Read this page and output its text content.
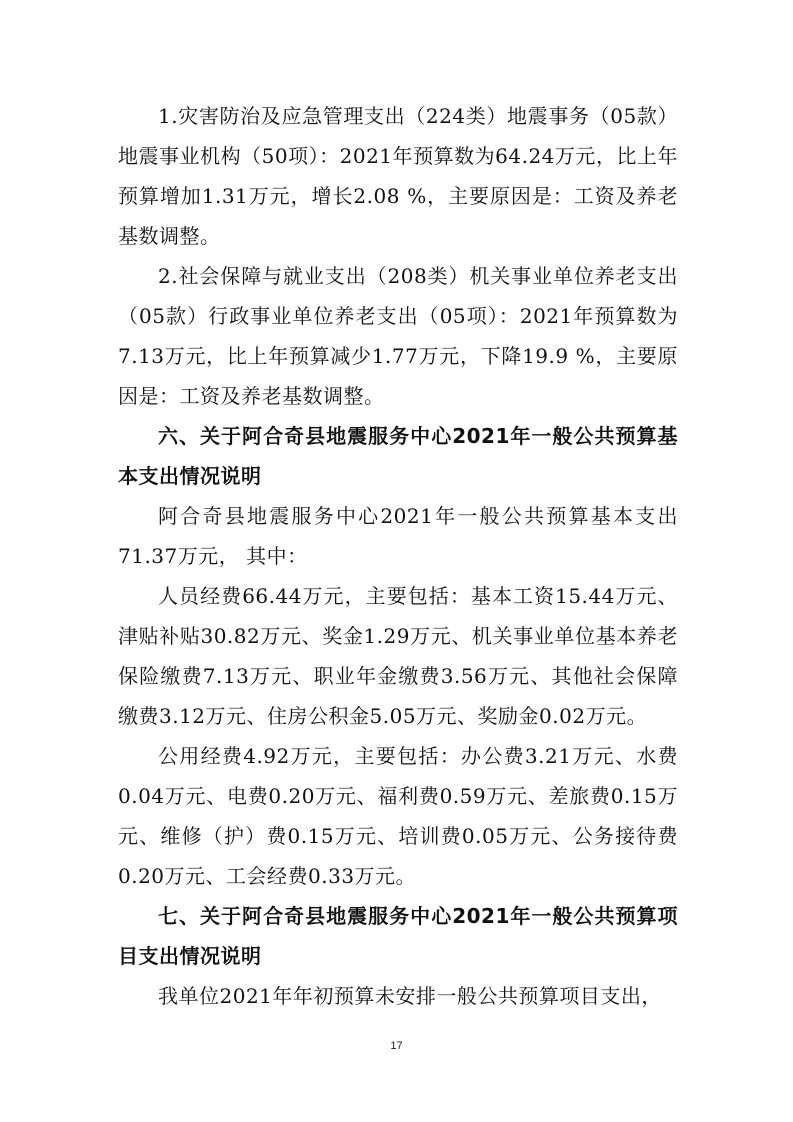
1.灾害防治及应急管理支出（224类）地震事务（05款）地震事业机构（50项）：2021年预算数为64.24万元，比上年预算增加1.31万元，增长2.08 %，主要原因是：工资及养老基数调整。

2.社会保障与就业支出（208类）机关事业单位养老支出（05款）行政事业单位养老支出（05项）：2021年预算数为7.13万元，比上年预算减少1.77万元，下降19.9 %，主要原因是：工资及养老基数调整。

六、关于阿合奇县地震服务中心2021年一般公共预算基本支出情况说明

阿合奇县地震服务中心2021年一般公共预算基本支出71.37万元， 其中：

人员经费66.44万元，主要包括：基本工资15.44万元、津贴补贴30.82万元、奖金1.29万元、机关事业单位基本养老保险缴费7.13万元、职业年金缴费3.56万元、其他社会保障缴费3.12万元、住房公积金5.05万元、奖励金0.02万元。

公用经费4.92万元，主要包括：办公费3.21万元、水费0.04万元、电费0.20万元、福利费0.59万元、差旅费0.15万元、维修（护）费0.15万元、培训费0.05万元、公务接待费0.20万元、工会经费0.33万元。

七、关于阿合奇县地震服务中心2021年一般公共预算项目支出情况说明

我单位2021年年初预算未安排一般公共预算项目支出，

17
